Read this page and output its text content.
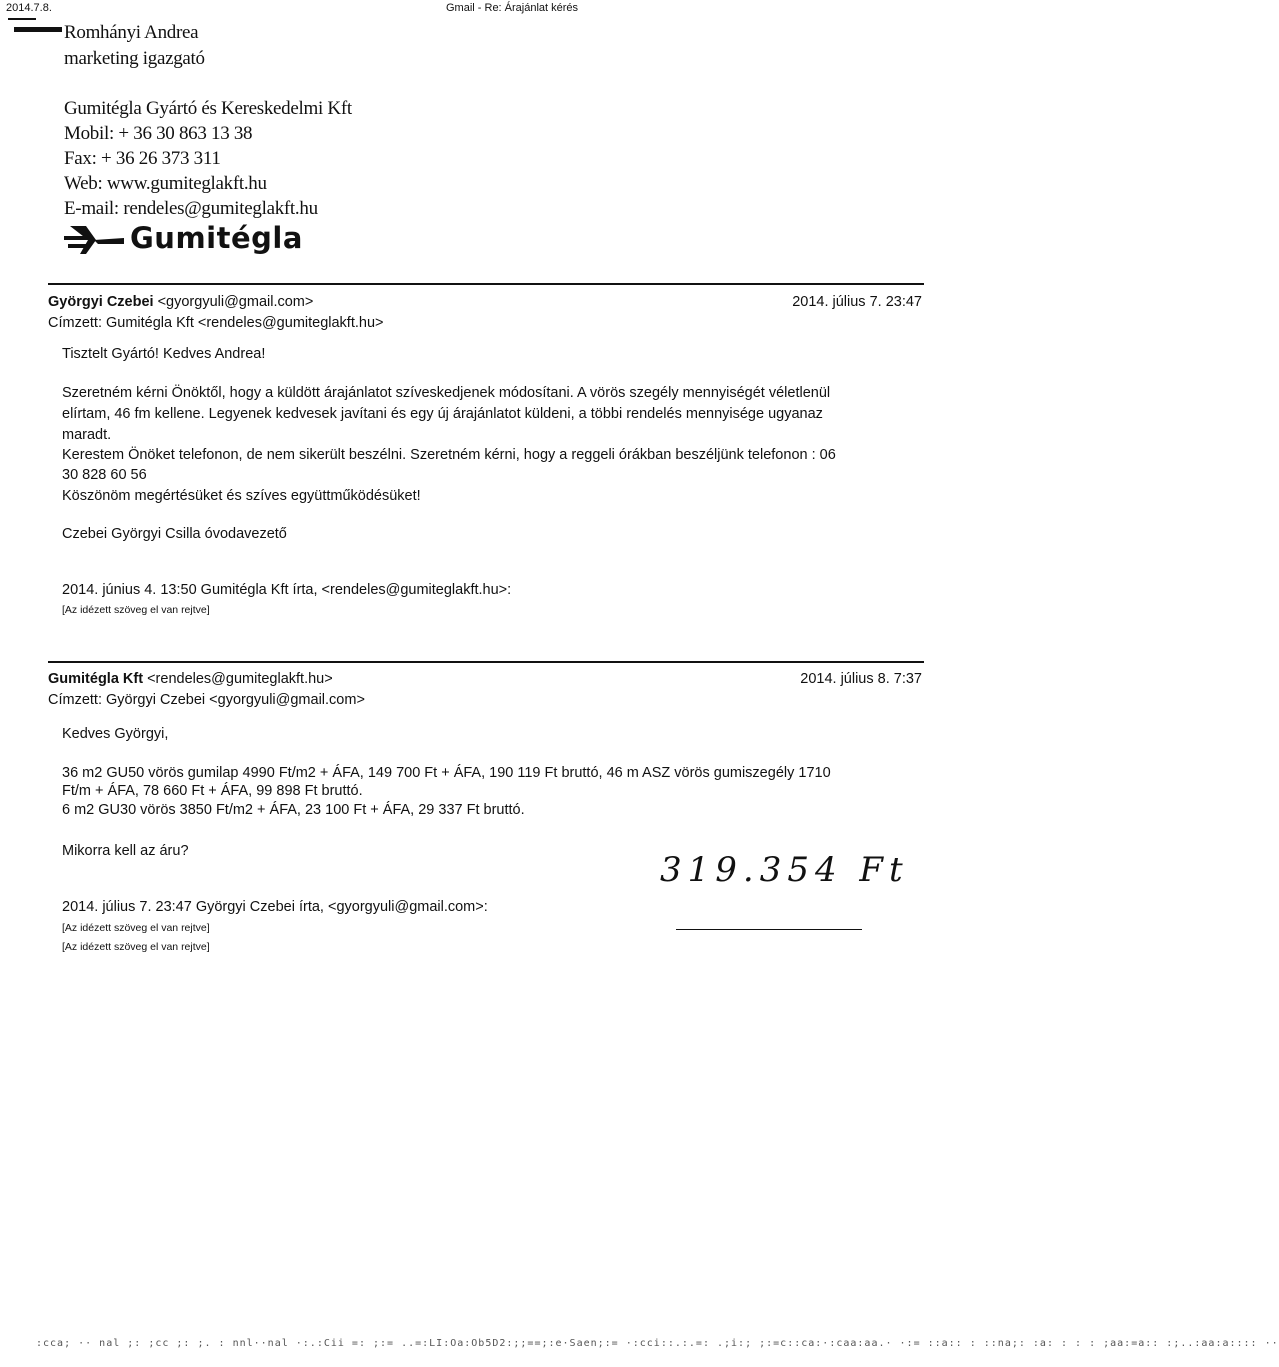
2014.7.8.	Gmail - Re: Árajánlat kérés
Romhányi Andrea
marketing igazgató
Gumitégla Gyártó és Kereskedelmi Kft
Mobil: + 36 30 863 13 38
Fax: + 36 26 373 311
Web: www.gumiteglakft.hu
E-mail: rendeles@gumiteglakft.hu
Gumitégla
Györgyi Czebei <gyorgyuli@gmail.com>	2014. július 7. 23:47
Címzett: Gumitégla Kft <rendeles@gumiteglakft.hu>
Tisztelt Gyártó! Kedves Andrea!
Szeretném kérni Önöktől, hogy a küldött árajánlatot szíveskedjenek módosítani. A vörös szegély mennyiségét véletlenül
elírtam, 46 fm kellene. Legyenek kedvesek javítani és egy új árajánlatot küldeni, a többi rendelés mennyisége ugyanaz
maradt.
Kerestem Önöket telefonon, de nem sikerült beszélni. Szeretném kérni, hogy a reggeli órákban beszéljünk telefonon : 06
30 828 60 56
Köszönöm megértésüket és szíves együttműködésüket!
Czebei Györgyi Csilla óvodavezető
2014. június 4. 13:50 Gumitégla Kft írta, <rendeles@gumiteglakft.hu>:
[Az idézett szöveg el van rejtve]
Gumitégla Kft <rendeles@gumiteglakft.hu>	2014. július 8. 7:37
Címzett: Györgyi Czebei <gyorgyuli@gmail.com>
Kedves Györgyi,
36 m2 GU50 vörös gumilap 4990 Ft/m2 + ÁFA, 149 700 Ft + ÁFA, 190 119 Ft bruttó, 46 m ASZ vörös gumiszegély 1710
Ft/m + ÁFA, 78 660 Ft + ÁFA, 99 898 Ft bruttó.
6 m2 GU30 vörös 3850 Ft/m2 + ÁFA, 23 100 Ft + ÁFA, 29 337 Ft bruttó.
Mikorra kell az áru?	319.354 Ft
2014. július 7. 23:47 Györgyi Czebei írta, <gyorgyuli@gmail.com>:
[Az idézett szöveg el van rejtve]
[Az idézett szöveg el van rejtve]
:cca; ·· nal ;: ;cc ;: ;. : nnl··nal ·:.:Cii =: ;:= ..=:LI:Oa:Ob5D2:;;==;:e·Saen;:= ·:cci::.:.=: .;i:; ;:=c::ca:·:caa:aa.· ·:= ::a:: : ::na;: :a: : : : ;aa:=a:: :;..:aa:a:::: ··
